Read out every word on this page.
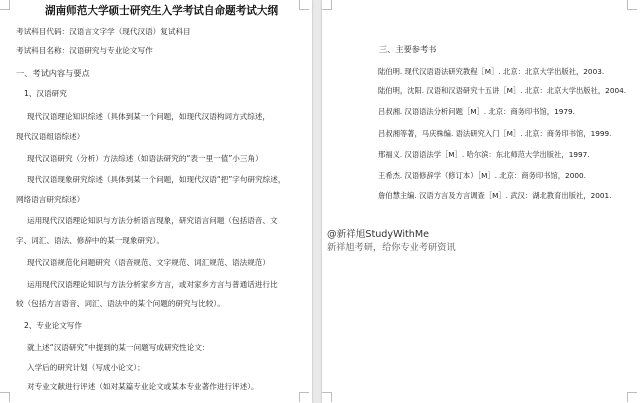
湖南师范大学硕士研究生入学考试自命题考试大纲
考试科目代码：汉语言文字学（现代汉语）复试科目
考试科目名称：汉语研究与专业论文写作
一、考试内容与要点
1、汉语研究
现代汉语理论知识综述（具体到某一个问题，如现代汉语构词方式综述，
现代汉语组语综述）
现代汉语研究（分析）方法综述（如语法研究的“表一里一值”小三角）
现代汉语现象研究综述（具体到某一个问题，如现代汉语“把”字句研究综述，
网络语言研究综述）
运用现代汉语理论知识与方法分析语言现象，研究语言问题（包括语音、文
字、词汇、语法、修辞中的某一现象研究）。
现代汉语规范化问题研究（语音规范、文字规范、词汇规范、语法规范）
运用现代汉语理论知识与方法分析家乡方言，或对家乡方言与普通话进行比
较（包括方言语音、词汇、语法中的某个问题的研究与比较）。
2、专业论文写作
就上述“汉语研究”中提到的某一问题写成研究性论文：
入学后的研究计划（写成小论文）；
对专业文献进行评述（如对某篇专业论文或某本专业著作进行评述）。
三、主要参考书
陆伯明. 现代汉语语法研究教程［M］. 北京：北京大学出版社，2003.
陆伯明，沈阳. 汉语和汉语研究十五讲［M］. 北京：北京大学出版社，2004.
吕叔湘. 汉语语法分析问题［M］. 北京：商务印书馆，1979.
吕叔湘等著，马庆株编. 语法研究入门［M］. 北京：商务印书馆，1999.
邢福义. 汉语语法学［M］. 哈尔滨：东北师范大学出版社，1997.
王希杰. 汉语修辞学（修订本）［M］. 北京：商务印书馆，2000.
詹伯慧主编. 汉语方言及方言调查［M］. 武汉：湖北教育出版社，2001.
@新祥旭StudyWithMe
新祥旭考研，给你专业考研资讯
